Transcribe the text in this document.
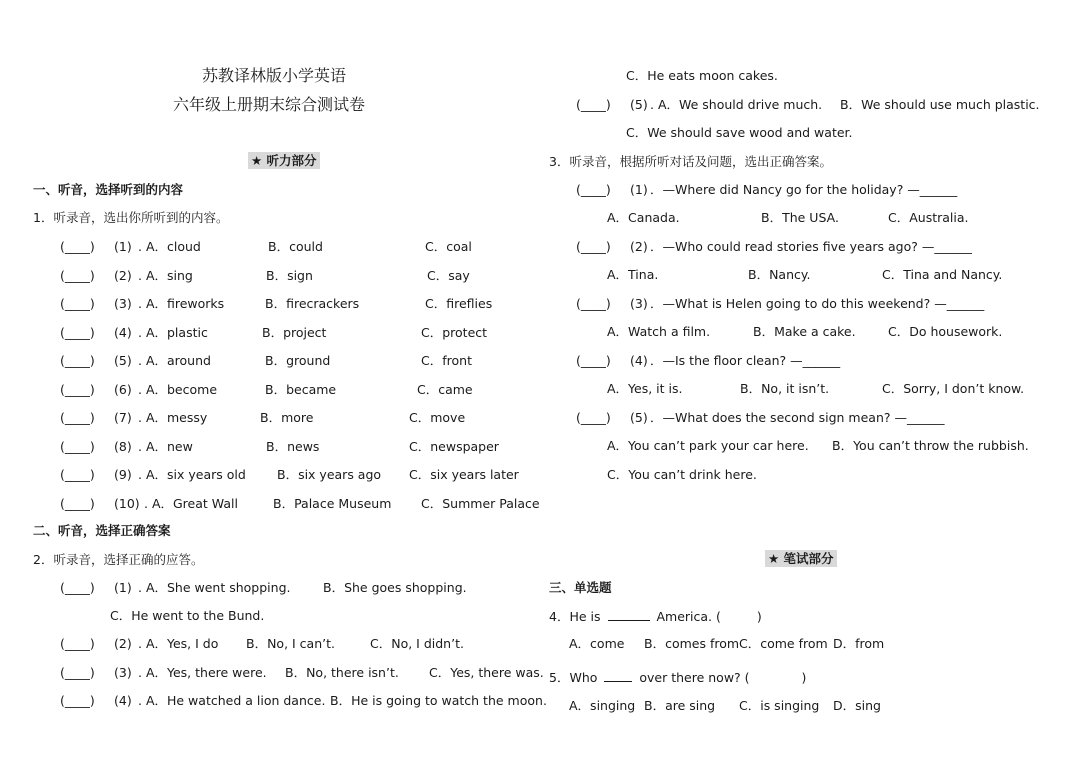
苏教译林版小学英语
六年级上册期末综合测试卷
★ 听力部分
一、听音，选择听到的内容
1．听录音，选出你所听到的内容。
(____) (1) . A．cloud	B．could	C．coal
(____) (2) . A．sing	B．sign	C．say
(____) (3) . A．fireworks	B．firecrackers	C．fireflies
(____) (4) . A．plastic	B．project	C．protect
(____) (5) . A．around	B．ground	C．front
(____) (6) . A．become	B．became	C．came
(____) (7) . A．messy	B．more	C．move
(____) (8) . A．new	B．news	C．newspaper
(____) (9) . A．six years old B．six years ago C．six years later
(____) (10) . A．Great Wall	B．Palace Museum C．Summer Palace
二、听音，选择正确答案
2．听录音，选择正确的应答。
(____) (1) . A．She went shopping.	B．She goes shopping.
C．He went to the Bund.
(____) (2) . A．Yes, I do B．No, I can’t.	C．No, I didn’t.
(____) (3) . A．Yes, there were. B．No, there isn’t. C．Yes, there was.
(____) (4) . A．He watched a lion dance. B．He is going to watch the moon.
C．He eats moon cakes.
(____) (5) . A．We should drive much. B．We should use much plastic.
C．We should save wood and water.
3．听录音，根据所听对话及问题，选出正确答案。
(____) (1) ．—Where did Nancy go for the holiday? —______
A．Canada.	B．The USA.	C．Australia.
(____) (2) ．—Who could read stories five years ago? —______
A．Tina.	B．Nancy.	C．Tina and Nancy.
(____) (3) ．—What is Helen going to do this weekend? —______
A．Watch a film.	B．Make a cake.	C．Do housework.
(____) (4) ．—Is the floor clean? —______
A．Yes, it is.	B．No, it isn’t.	C．Sorry, I don’t know.
(____) (5) ．—What does the second sign mean? —______
A．You can’t park your car here. B．You can’t throw the rubbish.
C．You can’t drink here.
★ 笔试部分
三、单选题
4．He is	America. (	)
A．come B．comes from C．come from D．from
5．Who	over there now? (	)
A．singing B．are sing C．is singing D．sing
